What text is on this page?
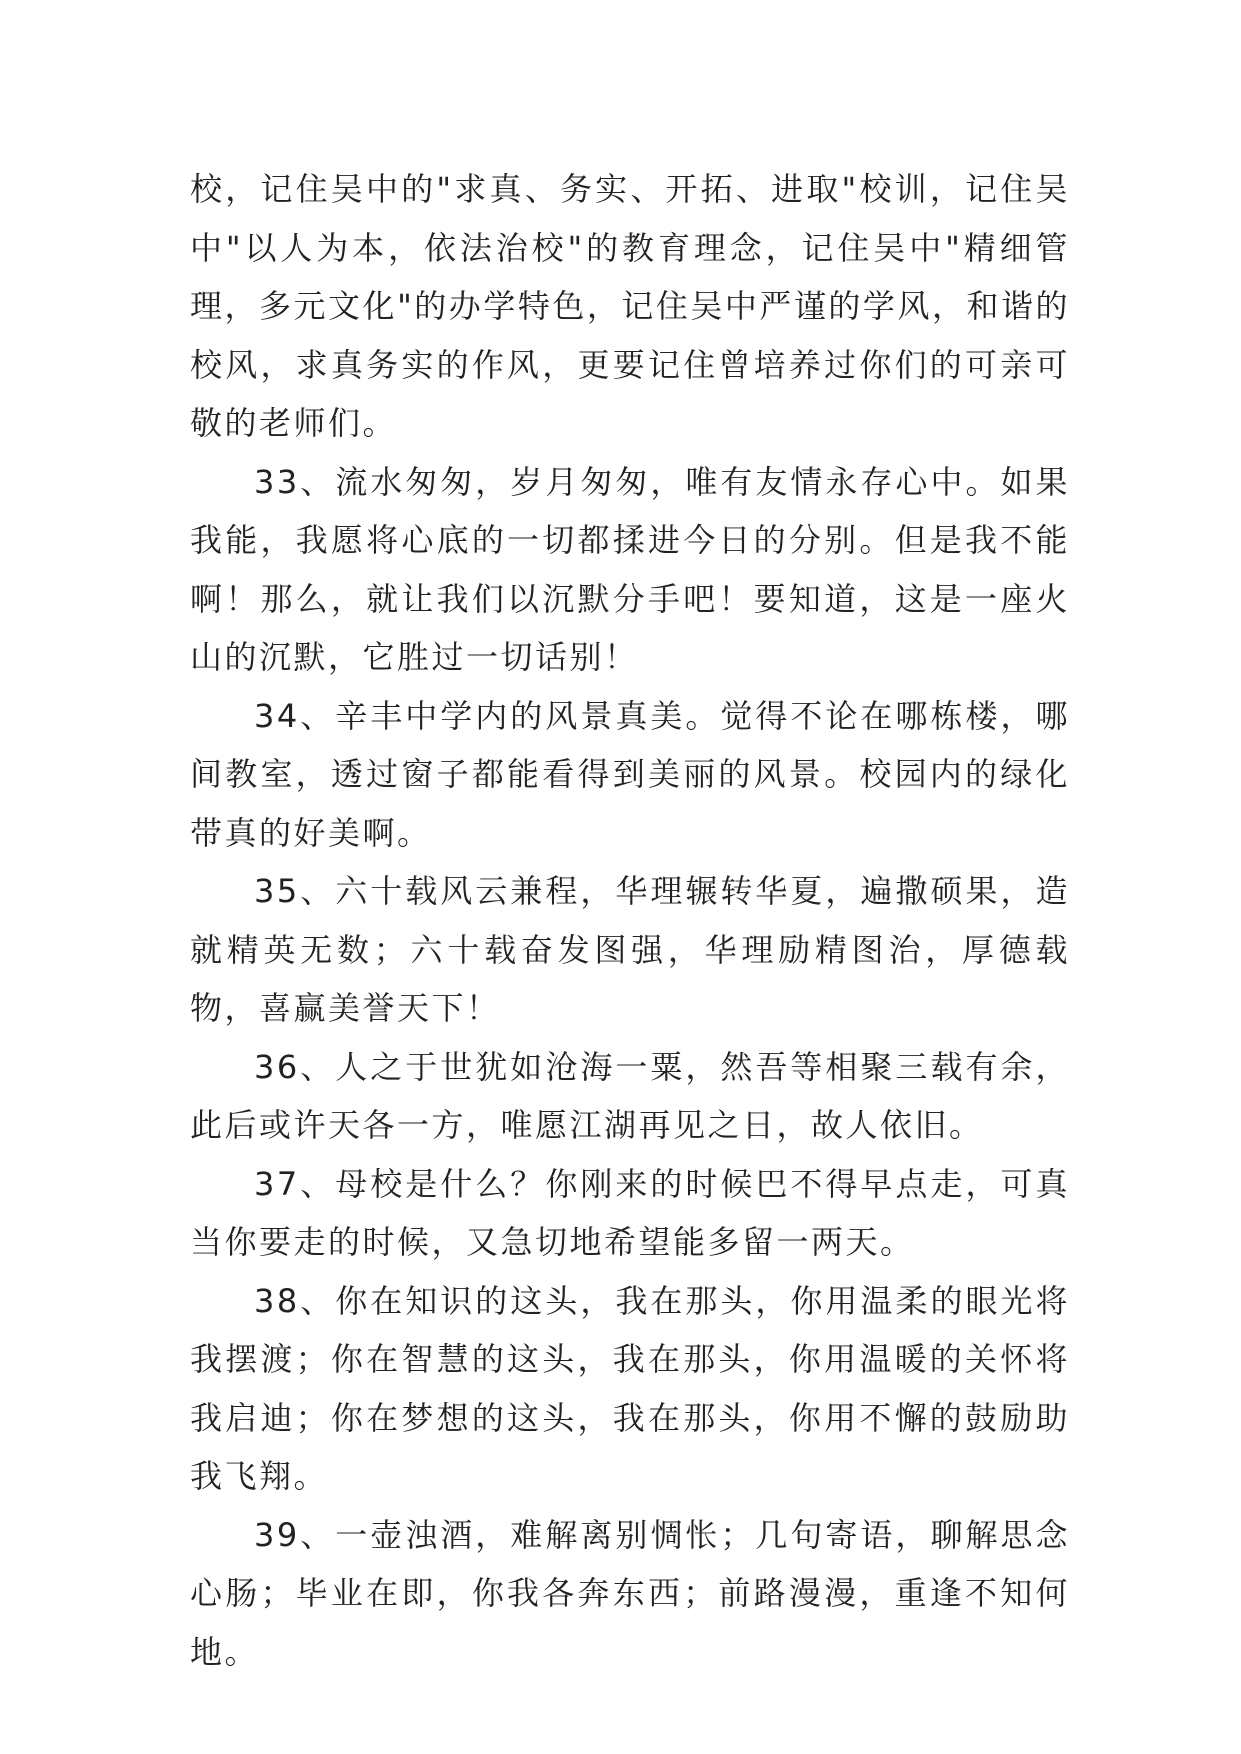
校，记住吴中的"求真、务实、开拓、进取"校训，记住吴中"以人为本，依法治校"的教育理念，记住吴中"精细管理，多元文化"的办学特色，记住吴中严谨的学风，和谐的校风，求真务实的作风，更要记住曾培养过你们的可亲可敬的老师们。

33、流水匆匆，岁月匆匆，唯有友情永存心中。如果我能，我愿将心底的一切都揉进今日的分别。但是我不能啊！那么，就让我们以沉默分手吧！要知道，这是一座火山的沉默，它胜过一切话别！

34、辛丰中学内的风景真美。觉得不论在哪栋楼，哪间教室，透过窗子都能看得到美丽的风景。校园内的绿化带真的好美啊。

35、六十载风云兼程，华理辗转华夏，遍撒硕果，造就精英无数；六十载奋发图强，华理励精图治，厚德载物，喜赢美誉天下！

36、人之于世犹如沧海一粟，然吾等相聚三载有余，此后或许天各一方，唯愿江湖再见之日，故人依旧。

37、母校是什么？你刚来的时候巴不得早点走，可真当你要走的时候，又急切地希望能多留一两天。

38、你在知识的这头，我在那头，你用温柔的眼光将我摆渡；你在智慧的这头，我在那头，你用温暖的关怀将我启迪；你在梦想的这头，我在那头，你用不懈的鼓励助我飞翔。

39、一壶浊酒，难解离别惆怅；几句寄语，聊解思念心肠；毕业在即，你我各奔东西；前路漫漫，重逢不知何地。
